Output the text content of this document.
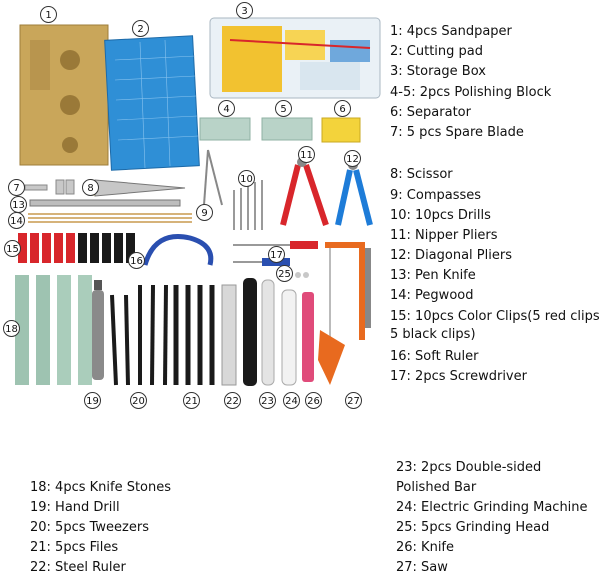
1
2
3
4	5	6
7	8
9
10
11	12
13
14
15
16
17
18
19	20	21	22 23 24
25
26	27
1: 4pcs Sandpaper
2: Cutting pad
3: Storage Box
4-5: 2pcs Polishing Block
6: Separator
7: 5 pcs Spare Blade
8: Scissor
9: Compasses
10: 10pcs Drills
11: Nipper Pliers
12: Diagonal Pliers
13: Pen Knife
14: Pegwood
15: 10pcs Color Clips(5 red clips 5 black clips)
16: Soft Ruler
17: 2pcs Screwdriver
18: 4pcs Knife Stones
19: Hand Drill
20: 5pcs Tweezers
21: 5pcs Files
22: Steel Ruler
23: 2pcs Double-sided Polished Bar
24: Electric Grinding Machine
25: 5pcs Grinding Head
26: Knife
27: Saw
